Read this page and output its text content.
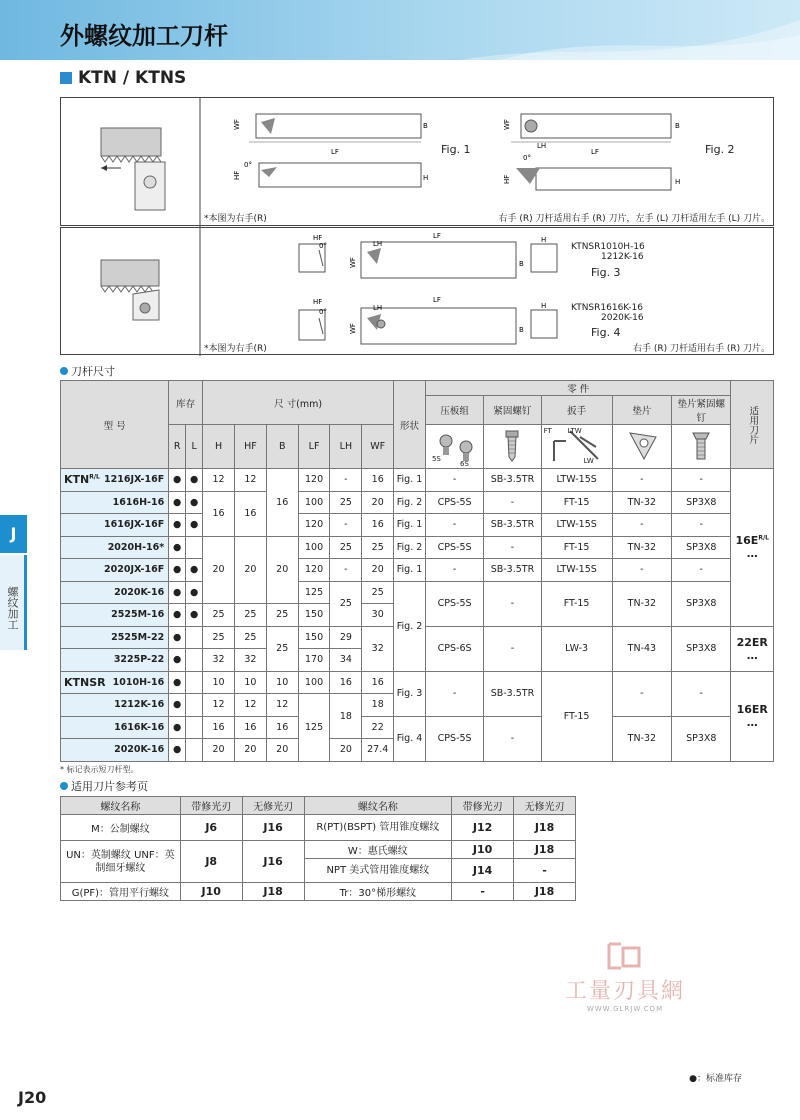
外螺纹加工刀杆
KTN / KTNS
WF	B
LF
HF	H
0°
WF	B
LF
HF	H
LH
0°
Fig. 1	Fig. 2
*本图为右手(R)	右手 (R) 刀杆适用右手 (R) 刀片，左手 (L) 刀杆适用左手 (L) 刀片。
HF
0°	LH
LF
WF	B
H
HF
0°	LH
LF
WF	B
H
KTNSR1010H-16
1212K-16
Fig. 3
KTNSR1616K-16
2020K-16
Fig. 4
*本图为右手(R)	右手 (R) 刀杆适用右手 (R) 刀片。
刀杆尺寸
J
螺纹加工
型 号	库存		尺 寸(mm)						形状	零 件					适用刀片
										压板组	紧固螺钉	扳手	垫片	垫片紧固螺钉	
	R	L	H	HF	B	LF	LH	WF		5S
6S		FT LTW
LW

$KTN^{R/L}$ 1216JX-16F	●	●	12	12	16	120	-	16	Fig. 1	-	SB-3.5TR	LTW-15S	-	-	$16E^{R/L}$
…
1616H-16	●	●	16	16		100	25	20	Fig. 2	CPS-5S	-	FT-15	TN-32	SP3X8	
1616JX-16F	●	●				120	-	16	Fig. 1	-	SB-3.5TR	LTW-15S	-	-	
2020H-16*	●		20	20	20	100	25	25	Fig. 2	CPS-5S	-	FT-15	TN-32	SP3X8	
2020JX-16F	●	●				120	-	20	Fig. 1	-	SB-3.5TR	LTW-15S	-	-	
2020K-16	●	●				125	25	25	Fig. 2	CPS-5S	-	FT-15	TN-32	SP3X8	
2525M-16	●	●	25	25	25	150		30							
2525M-22	●		25	25	25	150	29	32		CPS-6S	-	LW-3	TN-43	SP3X8	22ER
…
3225P-22	●		32	32		170	34								

KTNSR 1010H-16	●		10	10	10	100	16	16	Fig. 3	-	SB-3.5TR	FT-15	-	-	16ER
…
1212K-16	●		12	12	12	125	18	18							
1616K-16	●		16	16	16			22	Fig. 4	CPS-5S	-		TN-32	SP3X8	
2020K-16	●		20	20	20		20	27.4							
* 标记表示短刀杆型。
适用刀片参考页
螺纹名称	带修光刃	无修光刃	螺纹名称	带修光刃	无修光刃
M：公制螺纹	J6	J16	R(PT)(BSPT) 管用锥度螺纹	J12	J18
UN：英制螺纹 UNF：英制细牙螺纹	J8	J16	W：惠氏螺纹	J10	J18
			NPT 美式管用锥度螺纹	J14	-
G(PF)：管用平行螺纹	J10	J18	Tr：30°梯形螺纹	-	J18
工量刃具網
WWW.GLRJW.COM
●：标准库存
J20
